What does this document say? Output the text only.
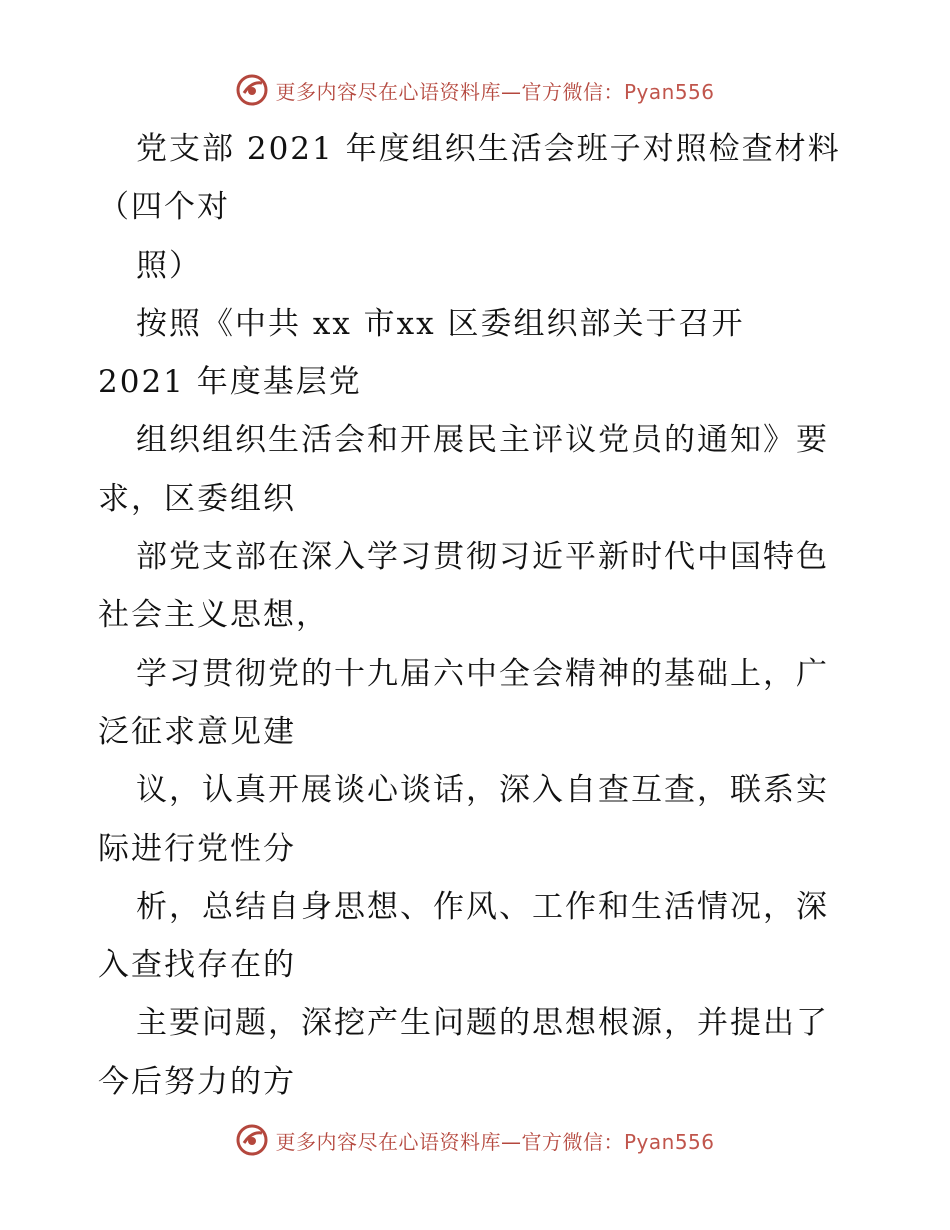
更多内容尽在心语资料库—官方微信：Pyan556
党支部 2021 年度组织生活会班子对照检查材料
（四个对
照）
按照《中共 xx 市xx 区委组织部关于召开
2021 年度基层党
组织组织生活会和开展民主评议党员的通知》要
求，区委组织
部党支部在深入学习贯彻习近平新时代中国特色
社会主义思想，
学习贯彻党的十九届六中全会精神的基础上，广
泛征求意见建
议，认真开展谈心谈话，深入自查互查，联系实
际进行党性分
析，总结自身思想、作风、工作和生活情况，深
入查找存在的
主要问题，深挖产生问题的思想根源，并提出了
今后努力的方
更多内容尽在心语资料库—官方微信：Pyan556
